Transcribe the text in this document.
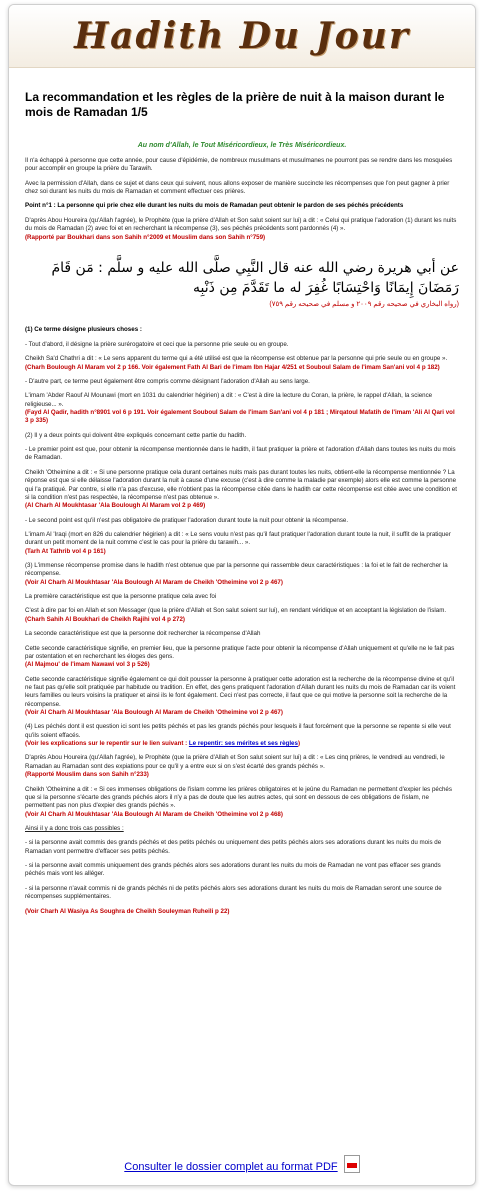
Hadith Du Jour
La recommandation et les règles de la prière de nuit à la maison durant le mois de Ramadan 1/5
Au nom d'Allah, le Tout Miséricordieux, le Très Miséricordieux.

Il n'a échappé à personne que cette année, pour cause d'épidémie, de nombreux musulmans et musulmanes ne pourront pas se rendre dans les mosquées pour accomplir en groupe la prière du Tarawih.

Avec la permission d'Allah, dans ce sujet et dans ceux qui suivent, nous allons exposer de manière succincte les récompenses que l'on peut gagner à prier chez soi durant les nuits du mois de Ramadan et comment effectuer ces prières.

Point n°1 : La personne qui prie chez elle durant les nuits du mois de Ramadan peut obtenir le pardon de ses péchés précédents

D'après Abou Houreira (qu'Allah l'agrée), le Prophète (que la prière d'Allah et Son salut soient sur lui) a dit : « Celui qui pratique l'adoration (1) durant les nuits du mois de Ramadan (2) avec foi et en recherchant la récompense (3), ses péchés précédents sont pardonnés (4) ».
(Rapporté par Boukhari dans son Sahih n°2009 et Mouslim dans son Sahih n°759)

عن أبي هريرة رضي الله عنه قال النَّبِي صلَّى الله عليه و سلَّم : مَن قَامَ رَمَضَانَ إِيمَانًا وَاحْتِسَابًا غُفِرَ له ما تَقَدَّمَ مِن ذَنْبِه
(رواه البخاري في صحيحه رقم ٢٠٠٩ و مسلم في صحيحه رقم ٧٥٩)

(1) Ce terme désigne plusieurs choses :

- Tout d'abord, il désigne la prière surérogatoire et ceci que la personne prie seule ou en groupe.

Cheikh Sa'd Chathri a dit : « Le sens apparent du terme qui a été utilisé est que la récompense est obtenue par la personne qui prie seule ou en groupe ».
(Charh Boulough Al Maram vol 2 p 166. Voir également Fath Al Bari de l'imam Ibn Hajar 4/251 et Souboul Salam de l'imam San'ani vol 4 p 182)

- D'autre part, ce terme peut également être compris comme désignant l'adoration d'Allah au sens large.

L'imam 'Abder Raouf Al Mounawi (mort en 1031 du calendrier hégirien) a dit : « C'est à dire la lecture du Coran, la prière, le rappel d'Allah, la science religieuse... ».
(Fayd Al Qadir, hadith n°8901 vol 6 p 191. Voir également Souboul Salam de l'imam San'ani vol 4 p 181 ; Mirqatoul Mafatih de l'imam 'Ali Al Qari vol 3 p 335)

(2) Il y a deux points qui doivent être expliqués concernant cette partie du hadith.

- Le premier point est que, pour obtenir la récompense mentionnée dans le hadith, il faut pratiquer la prière et l'adoration d'Allah dans toutes les nuits du mois de Ramadan.

Cheikh 'Otheimine a dit : « Si une personne pratique cela durant certaines nuits mais pas durant toutes les nuits, obtient-elle la récompense mentionnée ? La réponse est que si elle délaisse l'adoration durant la nuit à cause d'une excuse (c'est à dire comme la maladie par exemple) alors elle est comme la personne qui l'a pratiqué. Par contre, si elle n'a pas d'excuse, elle n'obtient pas la récompense citée dans le hadith car cette récompense est citée avec une condition et si la condition n'est pas respectée, la récompense n'est pas obtenue ».
(Al Charh Al Moukhtasar 'Ala Boulough Al Maram vol 2 p 469)

- Le second point est qu'il n'est pas obligatoire de pratiquer l'adoration durant toute la nuit pour obtenir la récompense.

L'imam Al 'Iraqi (mort en 826 du calendrier hégirien) a dit : « Le sens voulu n'est pas qu'il faut pratiquer l'adoration durant toute la nuit, il suffit de la pratiquer durant un petit moment de la nuit comme c'est le cas pour la prière du tarawih... ».
(Tarh At Tathrib vol 4 p 161)

(3) L'immense récompense promise dans le hadith n'est obtenue que par la personne qui rassemble deux caractéristiques : la foi et le fait de rechercher la récompense.
(Voir Al Charh Al Moukhtasar 'Ala Boulough Al Maram de Cheikh 'Otheimine vol 2 p 467)

La première caractéristique est que la personne pratique cela avec foi

C'est à dire par foi en Allah et son Messager (que la prière d'Allah et Son salut soient sur lui), en rendant véridique et en acceptant la législation de l'islam.
(Charh Sahih Al Boukhari de Cheikh Rajihi vol 4 p 272)

La seconde caractéristique est que la personne doit rechercher la récompense d'Allah

Cette seconde caractéristique signifie, en premier lieu, que la personne pratique l'acte pour obtenir la récompense d'Allah uniquement et qu'elle ne le fait pas par ostentation et en recherchant les éloges des gens.
(Al Majmou' de l'imam Nawawi vol 3 p 526)

Cette seconde caractéristique signifie également ce qui doit pousser la personne à pratiquer cette adoration est la recherche de la récompense divine et qu'il ne faut pas qu'elle soit pratiquée par habitude ou tradition. En effet, des gens pratiquent l'adoration d'Allah durant les nuits du mois de Ramadan car ils voient leurs familles ou leurs voisins la pratiquer et ainsi ils le font également. Ceci n'est pas correcte, il faut que ce qui motive la personne soit la recherche de la récompense.
(Voir Al Charh Al Moukhtasar 'Ala Boulough Al Maram de Cheikh 'Otheimine vol 2 p 467)

(4) Les péchés dont il est question ici sont les petits péchés et pas les grands péchés pour lesquels il faut forcément que la personne se repente si elle veut qu'ils soient effacés.
(Voir les explications sur le repentir sur le lien suivant : Le repentir: ses mérites et ses règles)

D'après Abou Houreira (qu'Allah l'agrée), le Prophète (que la prière d'Allah et Son salut soient sur lui) a dit : « Les cinq prières, le vendredi au vendredi, le Ramadan au Ramadan sont des expiations pour ce qu'il y a entre eux si on s'est écarté des grands péchés ».
(Rapporté Mouslim dans son Sahih n°233)

Cheikh 'Otheimine a dit : « Si ces immenses obligations de l'islam comme les prières obligatoires et le jeûne du Ramadan ne permettent d'expier les péchés que si la personne s'écarte des grands péchés alors il n'y a pas de doute que les autres actes, qui sont en dessous de ces obligations de l'islam, ne permettent pas non plus d'expier des grands péchés ».
(Voir Al Charh Al Moukhtasar 'Ala Boulough Al Maram de Cheikh 'Otheimine vol 2 p 468)

Ainsi il y a donc trois cas possibles :

- si la personne avait commis des grands péchés et des petits péchés ou uniquement des petits péchés alors ses adorations durant les nuits du mois de Ramadan vont permettre d'effacer ses petits péchés.

- si la personne avait commis uniquement des grands péchés alors ses adorations durant les nuits du mois de Ramadan ne vont pas effacer ses grands péchés mais vont les alléger.

- si la personne n'avait commis ni de grands péchés ni de petits péchés alors ses adorations durant les nuits du mois de Ramadan seront une source de récompenses supplémentaires.

(Voir Charh Al Wasiya As Soughra de Cheikh Souleyman Ruheili p 22)

Consulter le dossier complet au format PDF
